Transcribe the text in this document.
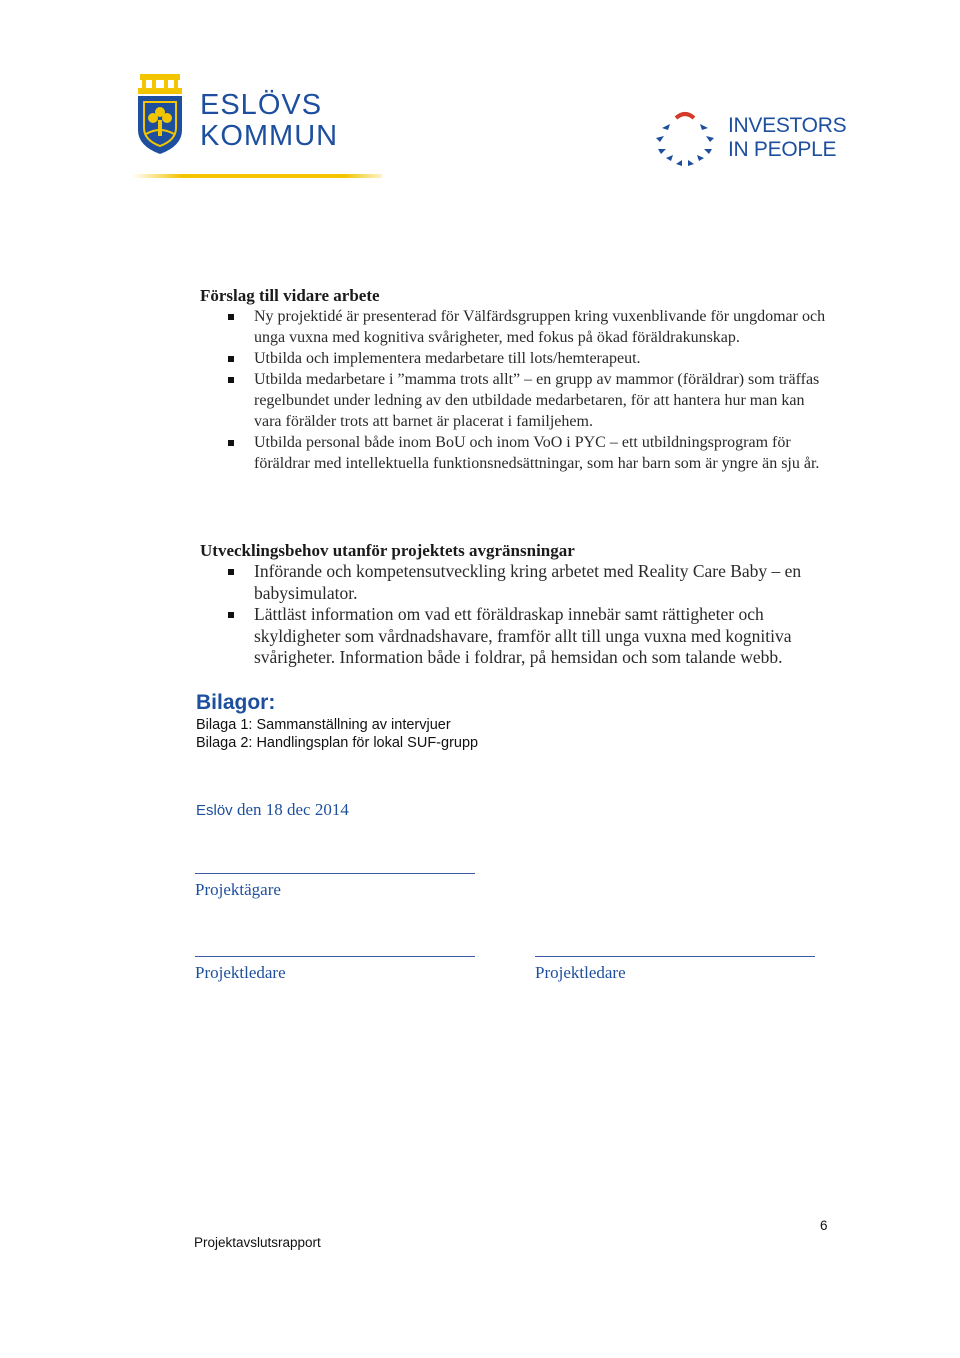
ESLÖVS
KOMMUN	INVESTORS
IN PEOPLE
Förslag till vidare arbete
Ny projektidé är presenterad för Välfärdsgruppen kring vuxenblivande för ungdomar och unga vuxna med kognitiva svårigheter, med fokus på ökad föräldrakunskap.
Utbilda och implementera medarbetare till lots/hemterapeut.
Utbilda medarbetare i ”mamma trots allt” – en grupp av mammor (föräldrar) som träffas regelbundet under ledning av den utbildade medarbetaren, för att hantera hur man kan vara förälder trots att barnet är placerat i familjehem.
Utbilda personal både inom BoU och inom VoO i PYC – ett utbildningsprogram för föräldrar med intellektuella funktionsnedsättningar, som har barn som är yngre än sju år.
Utvecklingsbehov utanför projektets avgränsningar
Införande och kompetensutveckling kring arbetet med Reality Care Baby – en babysimulator.
Lättläst information om vad ett föräldraskap innebär samt rättigheter och skyldigheter som vårdnadshavare, framför allt till unga vuxna med kognitiva svårigheter. Information både i foldrar, på hemsidan och som talande webb.
Bilagor:
Bilaga 1: Sammanställning av intervjuer
Bilaga 2: Handlingsplan för lokal SUF-grupp
Eslöv den 18 dec 2014
Projektägare
Projektledare	Projektledare
Projektavslutsrapport
6
